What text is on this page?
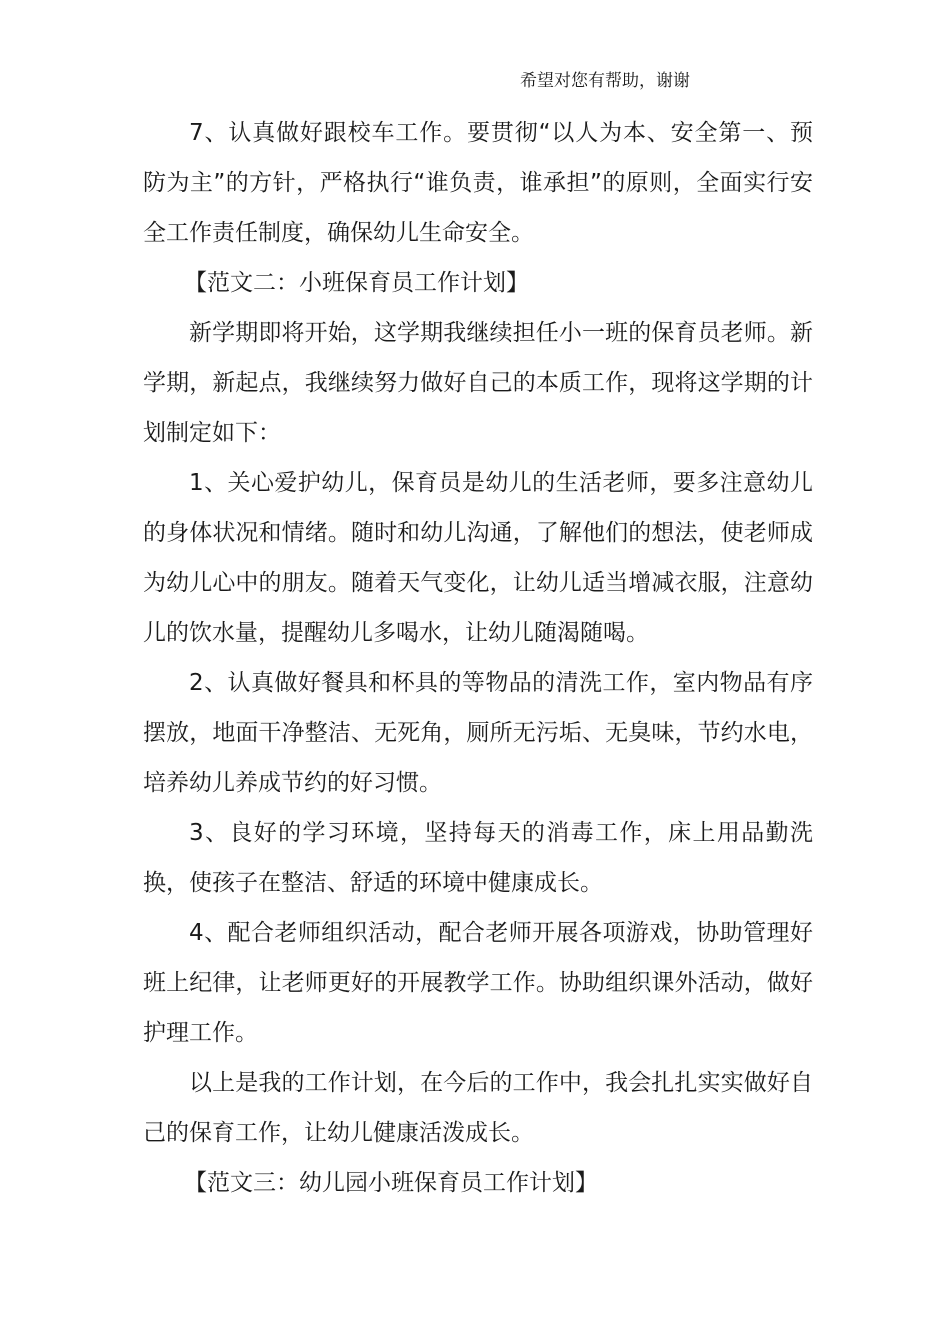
希望对您有帮助，谢谢

7、认真做好跟校车工作。要贯彻“以人为本、安全第一、预防为主”的方针，严格执行“谁负责，谁承担”的原则，全面实行安全工作责任制度，确保幼儿生命安全。

【范文二：小班保育员工作计划】

新学期即将开始，这学期我继续担任小一班的保育员老师。新学期，新起点，我继续努力做好自己的本质工作，现将这学期的计划制定如下：

1、关心爱护幼儿，保育员是幼儿的生活老师，要多注意幼儿的身体状况和情绪。随时和幼儿沟通，了解他们的想法，使老师成为幼儿心中的朋友。随着天气变化，让幼儿适当增减衣服，注意幼儿的饮水量，提醒幼儿多喝水，让幼儿随渴随喝。

2、认真做好餐具和杯具的等物品的清洗工作，室内物品有序摆放，地面干净整洁、无死角，厕所无污垢、无臭味，节约水电，培养幼儿养成节约的好习惯。

3、良好的学习环境，坚持每天的消毒工作，床上用品勤洗换，使孩子在整洁、舒适的环境中健康成长。

4、配合老师组织活动，配合老师开展各项游戏，协助管理好班上纪律，让老师更好的开展教学工作。协助组织课外活动，做好护理工作。

以上是我的工作计划，在今后的工作中，我会扎扎实实做好自己的保育工作，让幼儿健康活泼成长。

【范文三：幼儿园小班保育员工作计划】
